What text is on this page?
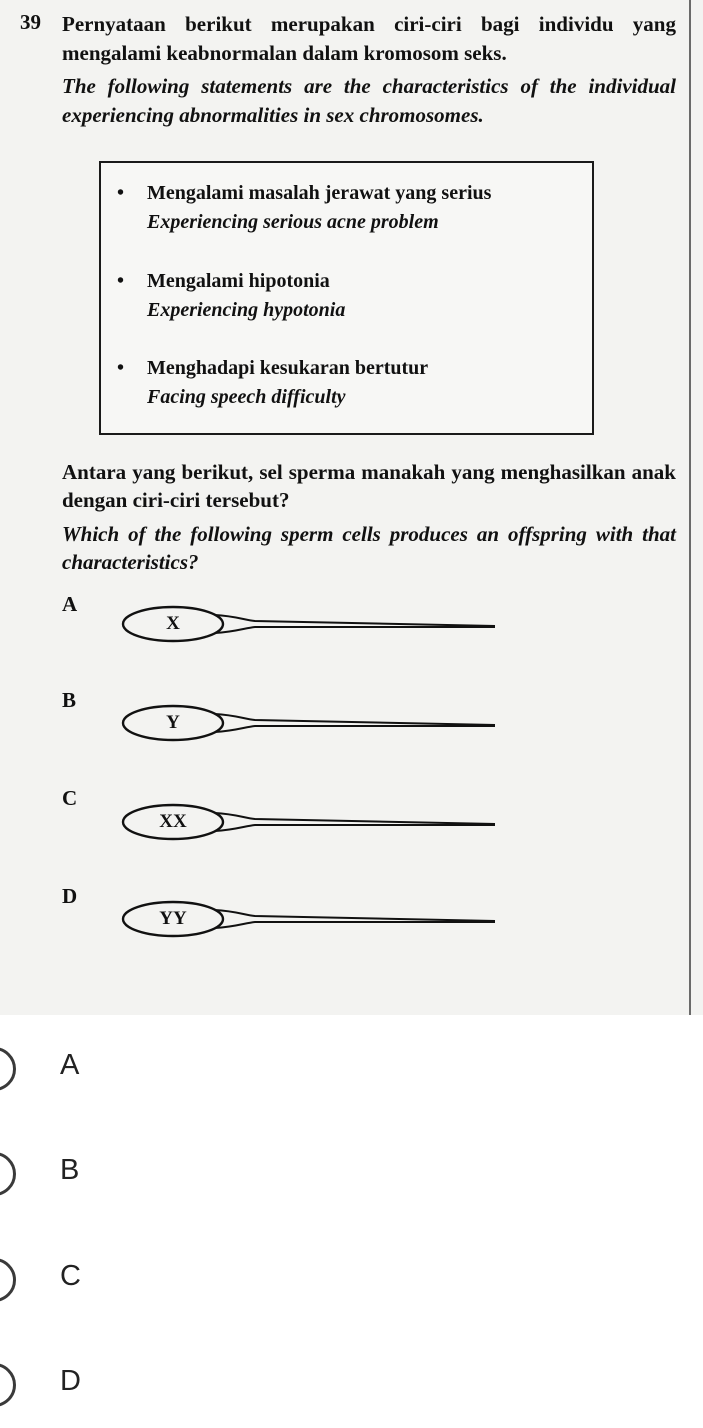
39 Pernyataan berikut merupakan ciri-ciri bagi individu yang mengalami keabnormalan dalam kromosom seks.
The following statements are the characteristics of the individual experiencing abnormalities in sex chromosomes.
• Mengalami masalah jerawat yang serius
Experiencing serious acne problem
• Mengalami hipotonia
Experiencing hypotonia
• Menghadapi kesukaran bertutur
Facing speech difficulty
Antara yang berikut, sel sperma manakah yang menghasilkan anak dengan ciri-ciri tersebut?
Which of the following sperm cells produces an offspring with that characteristics?
A
X
B
Y
C
XX
D
YY
A
B
C
D
